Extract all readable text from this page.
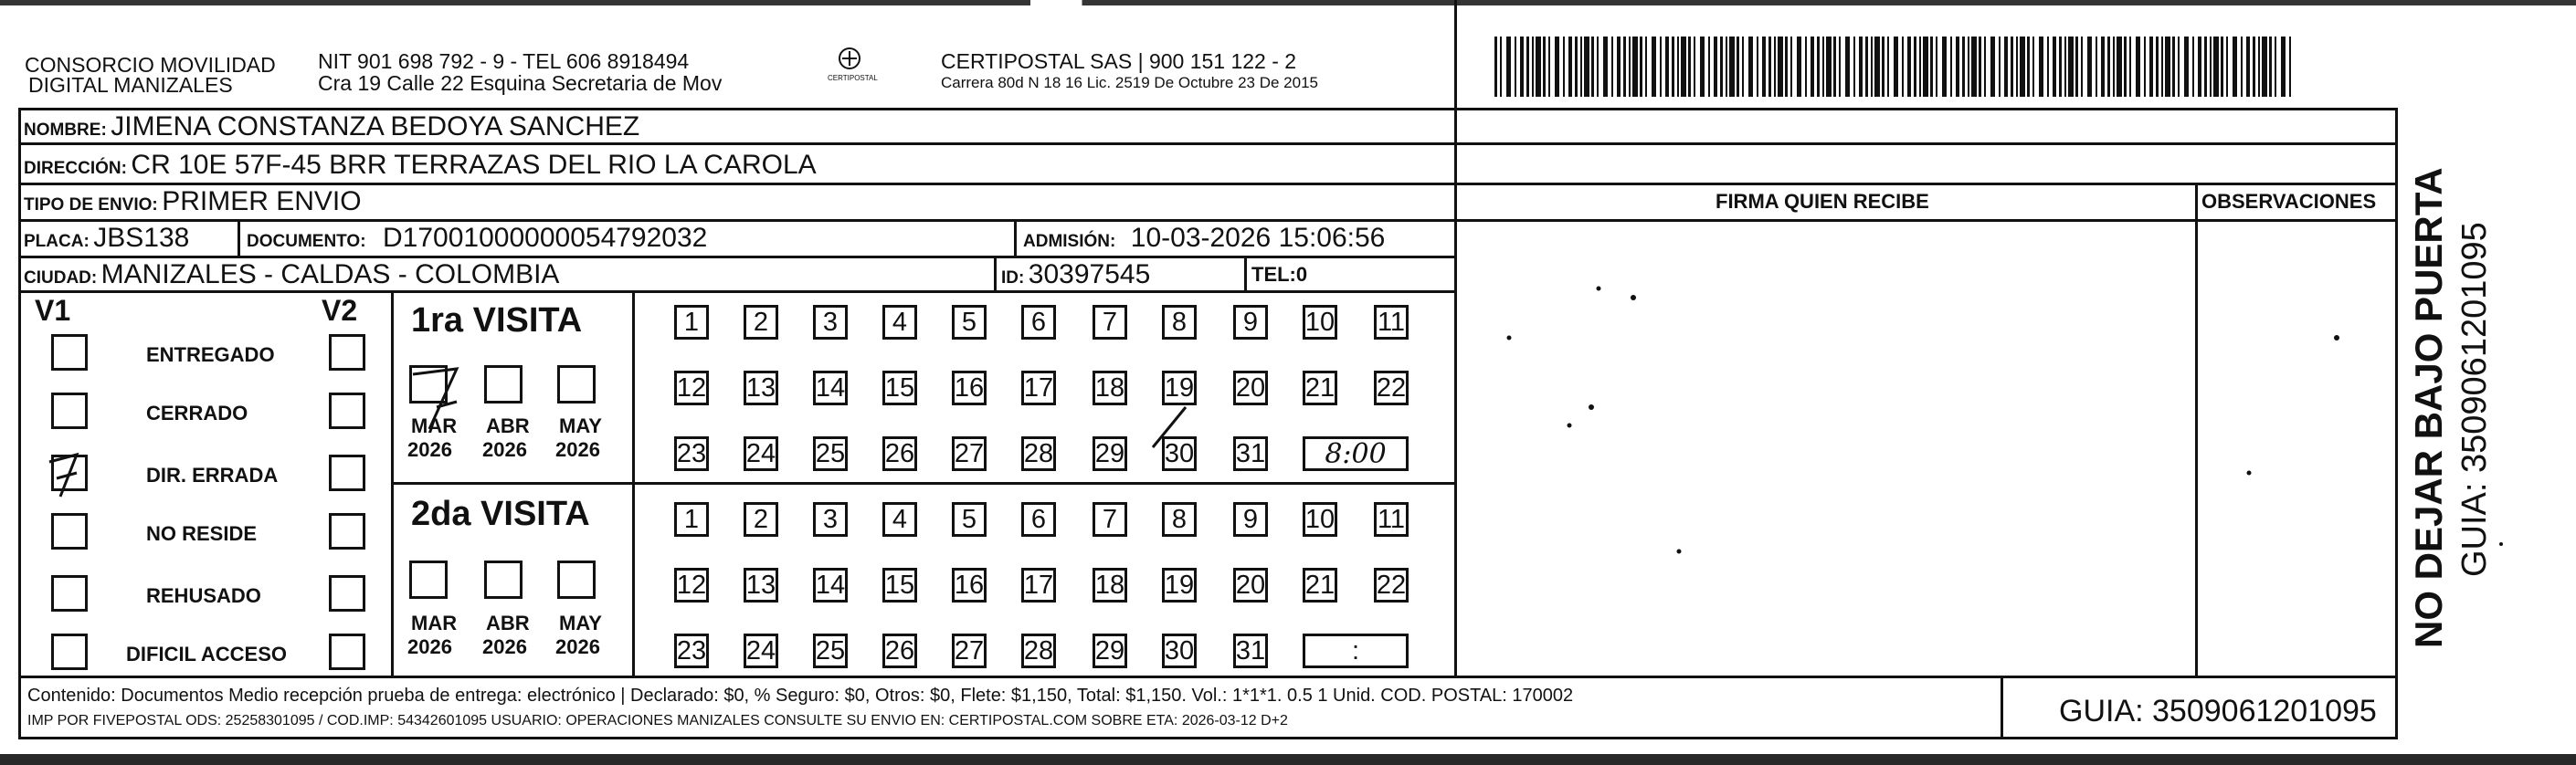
CONSORCIO MOVILIDAD
DIGITAL MANIZALES
NIT 901 698 792 - 9 - TEL 606 8918494
Cra 19 Calle 22 Esquina Secretaria de Mov	CERTIPOSTAL
CERTIPOSTAL SAS | 900 151 122 - 2
Carrera 80d N 18 16 Lic. 2519 De Octubre 23 De 2015
NOMBRE: JIMENA CONSTANZA BEDOYA SANCHEZ
DIRECCIÓN: CR 10E 57F-45 BRR TERRAZAS DEL RIO LA CAROLA
TIPO DE ENVIO: PRIMER ENVIO	FIRMA QUIEN RECIBE	OBSERVACIONES
PLACA: JBS138	DOCUMENTO: D17001000000054792032	ADMISIÓN: 10-03-2026 15:06:56
CIUDAD: MANIZALES - CALDAS - COLOMBIA	ID: 30397545	TEL:0
V1	V2
ENTREGADO
CERRADO
DIR. ERRADA
NO RESIDE
REHUSADO
DIFICIL ACCESO
1ra VISITA
MAR
2026
ABR
2026
MAY
2026
1	2	3	4	5	6	7	8	9	10 11
12 13 14 15 16 17 18 19 20 21 22
23 24 25 26 27 28 29 30 31	8:00
2da VISITA
MAR
2026
ABR
2026
MAY
2026
1	2	3	4	5	6	7	8	9	10 11
12 13 14 15 16 17 18 19 20 21 22
23 24 25 26 27 28 29 30 31	:
Contenido: Documentos Medio recepción prueba de entrega: electrónico | Declarado: $0, % Seguro: $0, Otros: $0, Flete: $1,150, Total: $1,150. Vol.: 1*1*1. 0.5 1 Unid. COD. POSTAL: 170002
IMP POR FIVEPOSTAL ODS: 25258301095 / COD.IMP: 54342601095 USUARIO: OPERACIONES MANIZALES CONSULTE SU ENVIO EN: CERTIPOSTAL.COM SOBRE ETA: 2026-03-12 D+2	GUIA: 3509061201095
NO DEJAR BAJO PUERTA GUIA: 3509061201095
